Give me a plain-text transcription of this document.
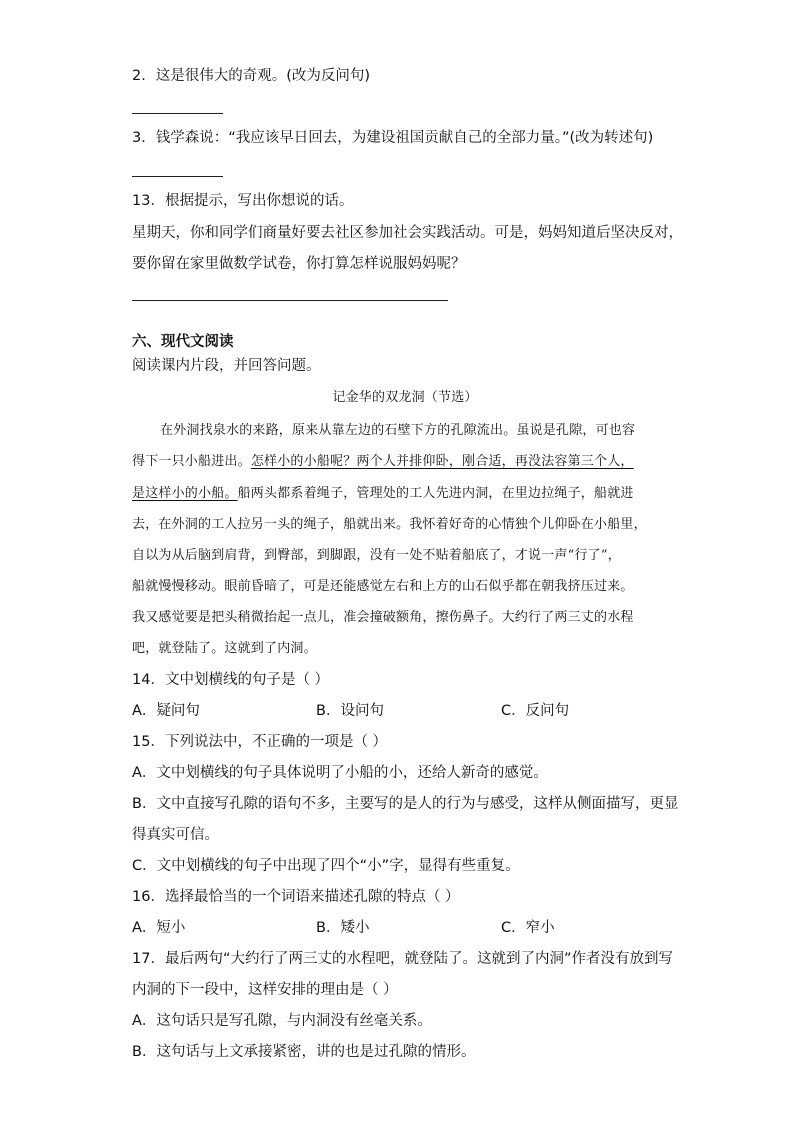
2．这是很伟大的奇观。(改为反问句)
3．钱学森说：“我应该早日回去，为建设祖国贡献自己的全部力量。”(改为转述句)
13．根据提示，写出你想说的话。
星期天，你和同学们商量好要去社区参加社会实践活动。可是，妈妈知道后坚决反对，
要你留在家里做数学试卷，你打算怎样说服妈妈呢？
六、现代文阅读
阅读课内片段，并回答问题。
记金华的双龙洞（节选）
在外洞找泉水的来路，原来从靠左边的石壁下方的孔隙流出。虽说是孔隙，可也容
得下一只小船进出。怎样小的小船呢？两个人并排仰卧，刚合适，再没法容第三个人，
是这样小的小船。船两头都系着绳子，管理处的工人先进内洞，在里边拉绳子，船就进
去，在外洞的工人拉另一头的绳子，船就出来。我怀着好奇的心情独个儿仰卧在小船里，
自以为从后脑到肩背，到臀部，到脚跟，没有一处不贴着船底了，才说一声“行了”，
船就慢慢移动。眼前昏暗了，可是还能感觉左右和上方的山石似乎都在朝我挤压过来。
我又感觉要是把头稍微抬起一点儿，准会撞破额角，擦伤鼻子。大约行了两三丈的水程
吧，就登陆了。这就到了内洞。
14．文中划横线的句子是（ ）
A．疑问句	B．设问句	C．反问句
15．下列说法中，不正确的一项是（ ）
A．文中划横线的句子具体说明了小船的小，还给人新奇的感觉。
B．文中直接写孔隙的语句不多，主要写的是人的行为与感受，这样从侧面描写，更显
得真实可信。
C．文中划横线的句子中出现了四个“小”字，显得有些重复。
16．选择最恰当的一个词语来描述孔隙的特点（ ）
A．短小	B．矮小	C．窄小
17．最后两句“大约行了两三丈的水程吧，就登陆了。这就到了内洞”作者没有放到写
内洞的下一段中，这样安排的理由是（ ）
A．这句话只是写孔隙，与内洞没有丝毫关系。
B．这句话与上文承接紧密，讲的也是过孔隙的情形。
